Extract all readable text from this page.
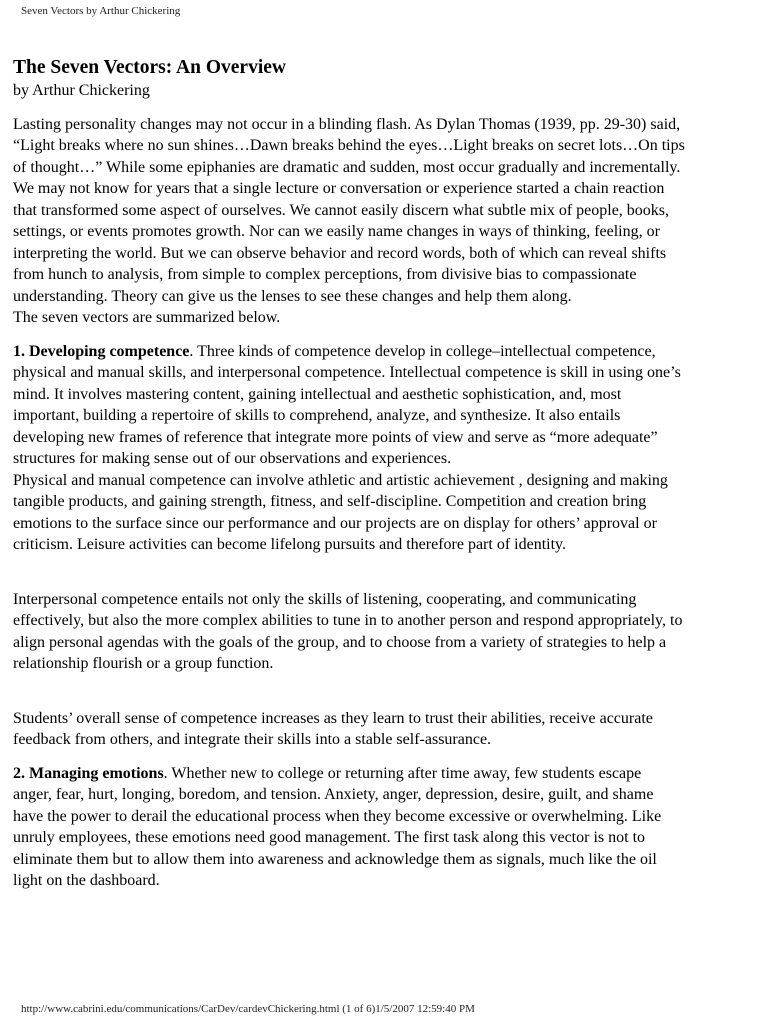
Seven Vectors by Arthur Chickering
The Seven Vectors: An Overview

by Arthur Chickering

Lasting personality changes may not occur in a blinding flash. As Dylan Thomas (1939, pp. 29-30) said,
“Light breaks where no sun shines…Dawn breaks behind the eyes…Light breaks on secret lots…On tips
of thought…” While some epiphanies are dramatic and sudden, most occur gradually and incrementally.
We may not know for years that a single lecture or conversation or experience started a chain reaction
that transformed some aspect of ourselves. We cannot easily discern what subtle mix of people, books,
settings, or events promotes growth. Nor can we easily name changes in ways of thinking, feeling, or
interpreting the world. But we can observe behavior and record words, both of which can reveal shifts
from hunch to analysis, from simple to complex perceptions, from divisive bias to compassionate
understanding. Theory can give us the lenses to see these changes and help them along.
The seven vectors are summarized below.
1. Developing competence. Three kinds of competence develop in college–intellectual competence,
physical and manual skills, and interpersonal competence. Intellectual competence is skill in using one’s
mind. It involves mastering content, gaining intellectual and aesthetic sophistication, and, most
important, building a repertoire of skills to comprehend, analyze, and synthesize. It also entails
developing new frames of reference that integrate more points of view and serve as “more adequate”
structures for making sense out of our observations and experiences.
Physical and manual competence can involve athletic and artistic achievement , designing and making
tangible products, and gaining strength, fitness, and self-discipline. Competition and creation bring
emotions to the surface since our performance and our projects are on display for others’ approval or
criticism. Leisure activities can become lifelong pursuits and therefore part of identity.
Interpersonal competence entails not only the skills of listening, cooperating, and communicating
effectively, but also the more complex abilities to tune in to another person and respond appropriately, to
align personal agendas with the goals of the group, and to choose from a variety of strategies to help a
relationship flourish or a group function.
Students’ overall sense of competence increases as they learn to trust their abilities, receive accurate
feedback from others, and integrate their skills into a stable self-assurance.
2. Managing emotions. Whether new to college or returning after time away, few students escape
anger, fear, hurt, longing, boredom, and tension. Anxiety, anger, depression, desire, guilt, and shame
have the power to derail the educational process when they become excessive or overwhelming. Like
unruly employees, these emotions need good management. The first task along this vector is not to
eliminate them but to allow them into awareness and acknowledge them as signals, much like the oil
light on the dashboard.
http://www.cabrini.edu/communications/CarDev/cardevChickering.html (1 of 6)1/5/2007 12:59:40 PM
